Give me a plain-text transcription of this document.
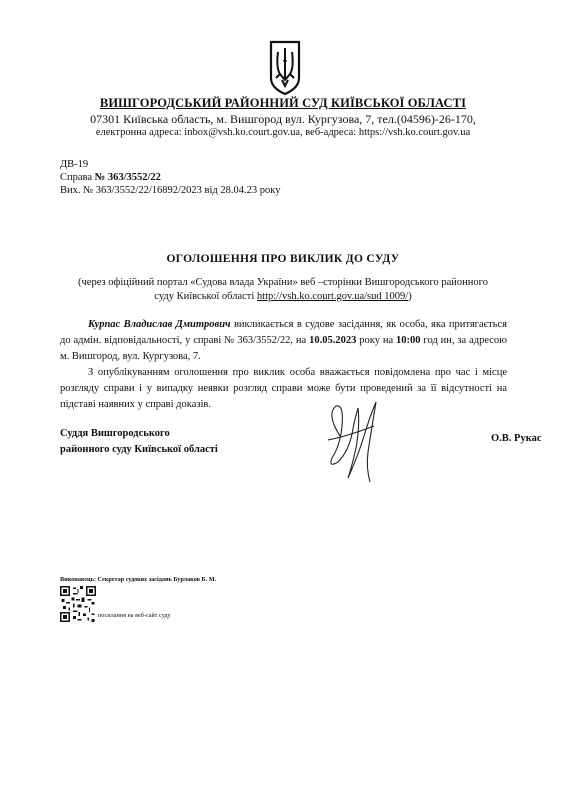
ВИШГОРОДСЬКИЙ РАЙОННИЙ СУД КИЇВСЬКОЇ ОБЛАСТІ
07301 Київська область, м. Вишгород вул. Кургузова, 7, тел.(04596)-26-170,
електронна адреса: inbox@vsh.ko.court.gov.ua, веб-адреса: https://vsh.ko.court.gov.ua
ДВ-19
Справа № 363/3552/22
Вих. № 363/3552/22/16892/2023 від 28.04.23 року
ОГОЛОШЕННЯ ПРО ВИКЛИК ДО СУДУ
(через офіційний портал «Судова влада України» веб –сторінки Вишгородського районного
суду Київської області http://vsh.ko.court.gov.ua/sud 1009/)
Курпас Владислав Дмитрович викликається в судове засідання, як особа, яка притягається до адмін. відповідальності, у справі № 363/3552/22, на 10.05.2023 року на 10:00 год ин, за адресою м. Вишгород, вул. Кургузова, 7.
З опублікуванням оголошення про виклик особа вважається повідомлена про час і місце розгляду справи і у випадку неявки розгляд справи може бути проведений за її відсутності на підставі наявних у справі доказів.
Суддя Вишгородського
районного суду Київської області
О.В. Рукас
Виконавець: Секретар судових засідань Бурлаков Б. М.
посилання на веб-сайт суду
